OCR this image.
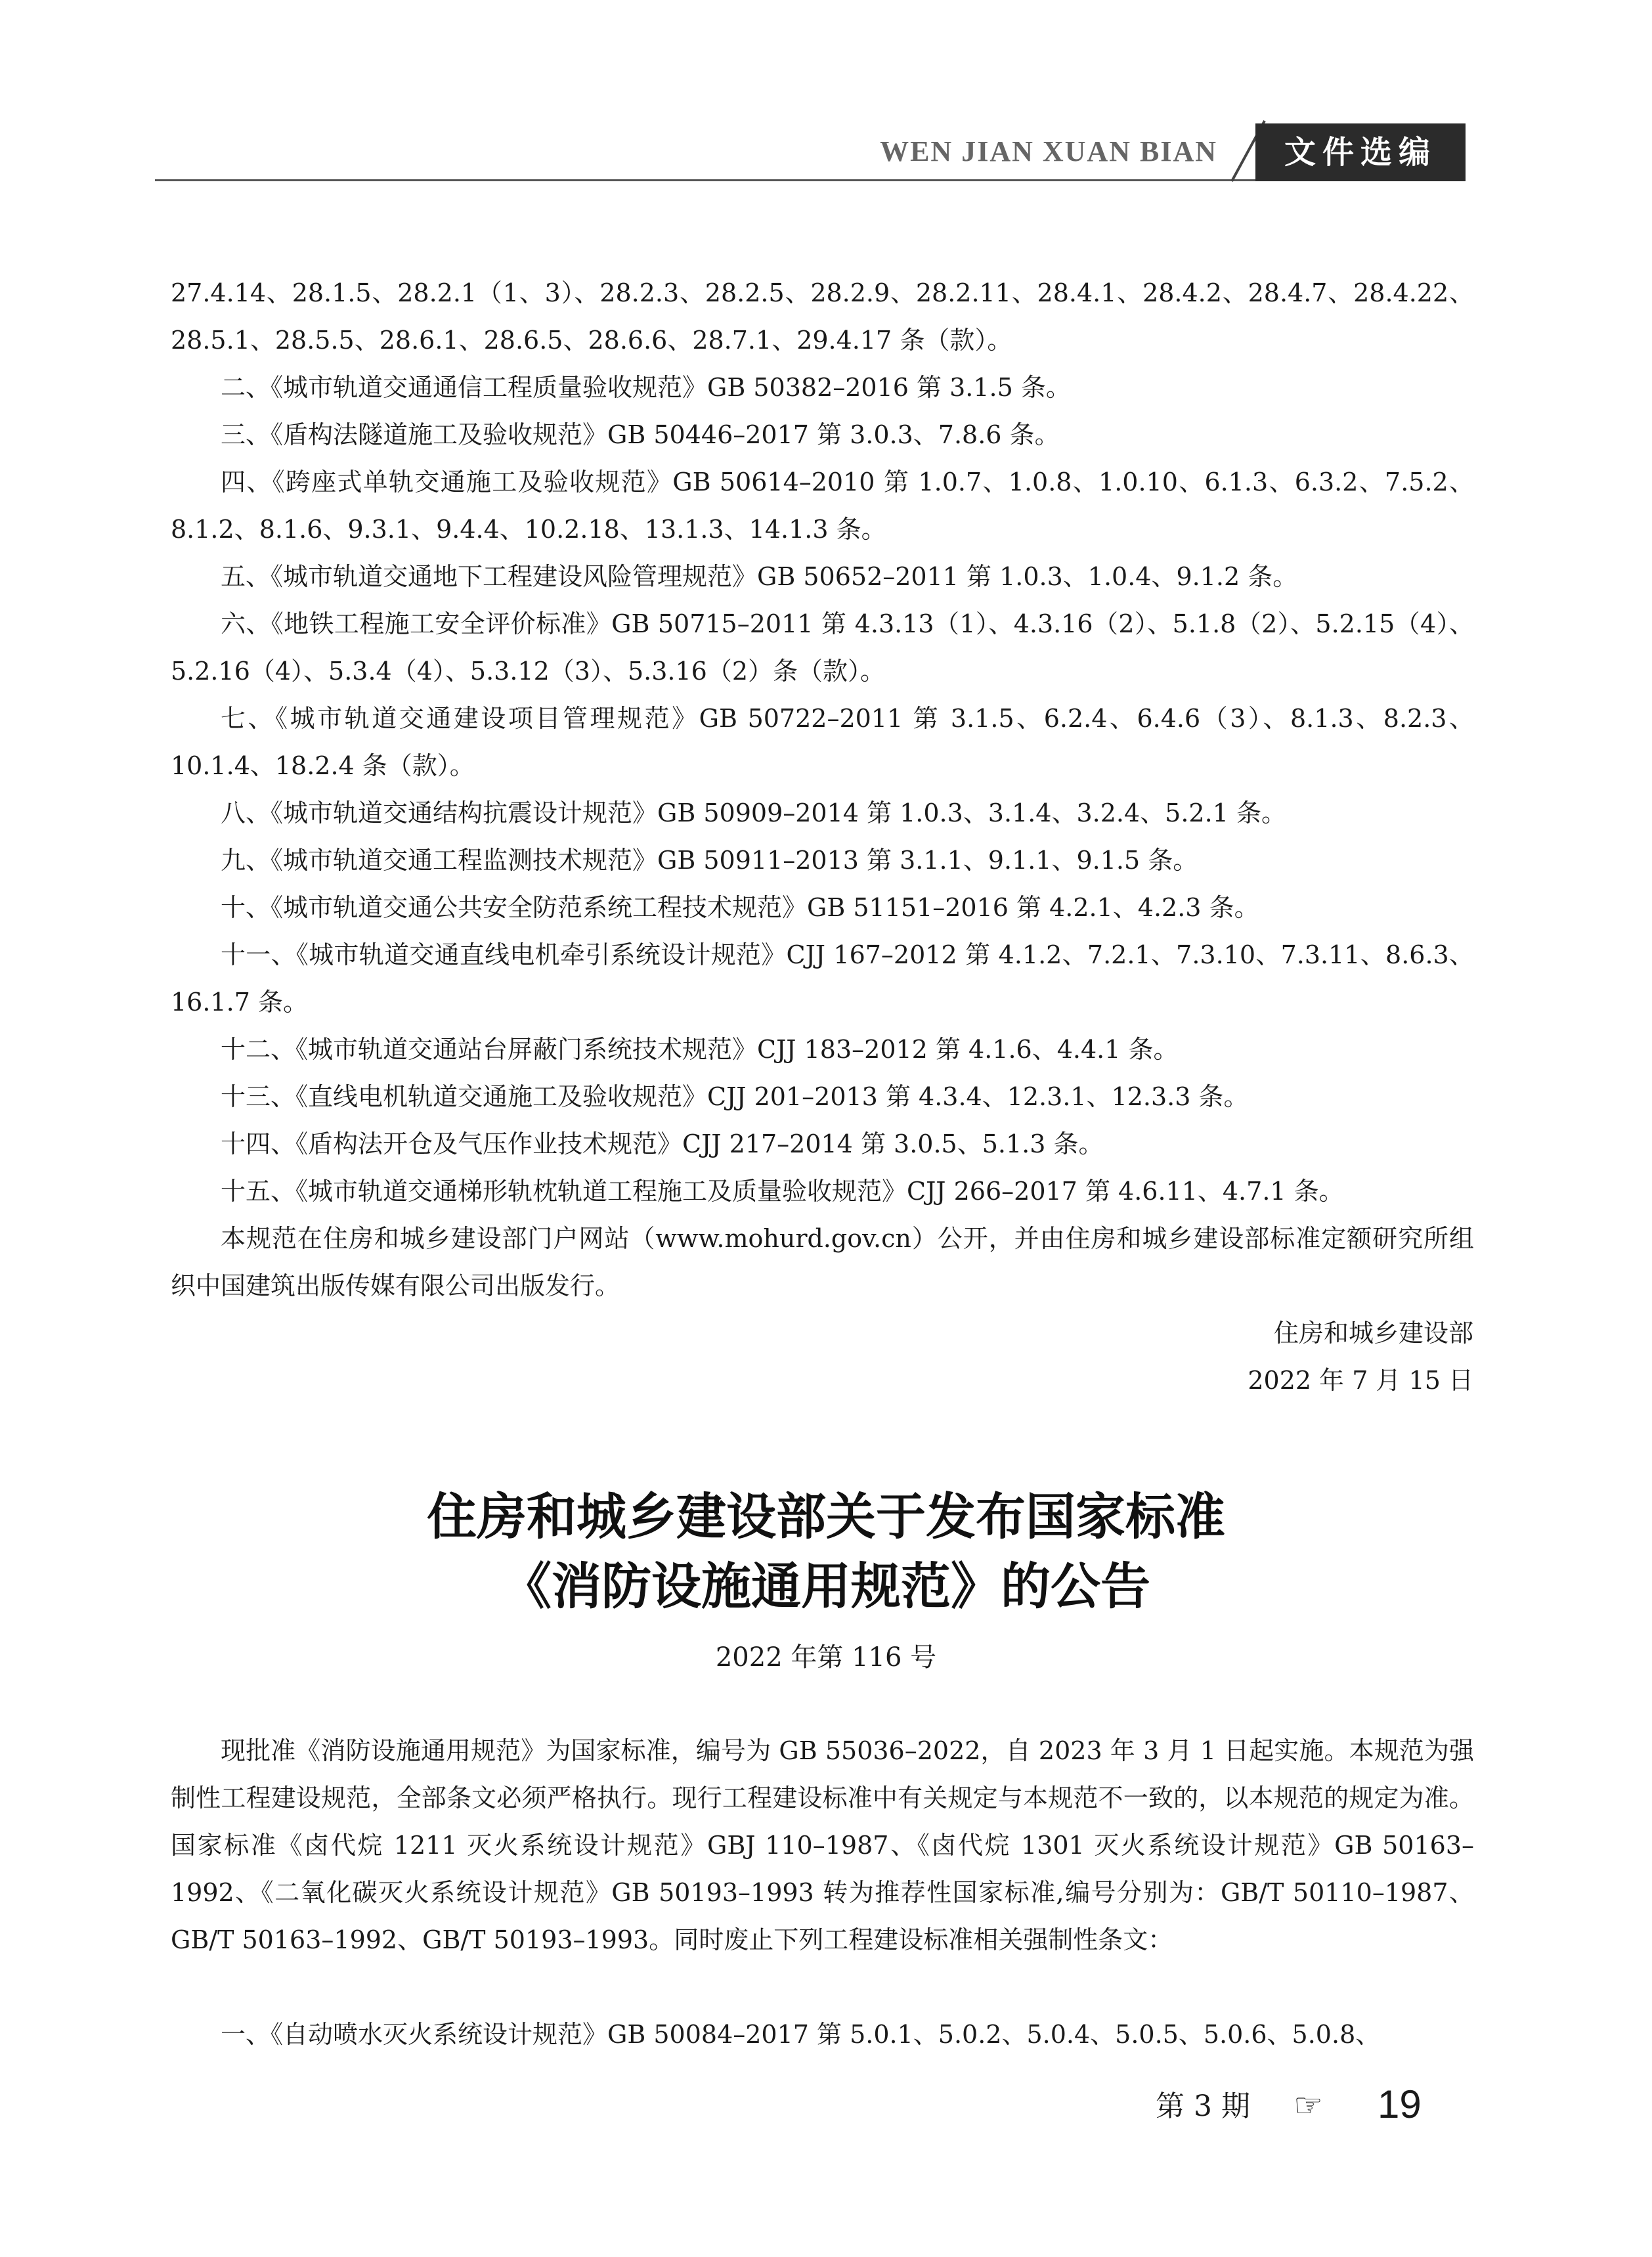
WEN JIAN XUAN BIAN	文件选编

27.4.14、28.1.5、28.2.1（1、3）、28.2.3、28.2.5、28.2.9、28.2.11、28.4.1、28.4.2、28.4.7、28.4.22、28.5.1、28.5.5、28.6.1、28.6.5、28.6.6、28.7.1、29.4.17 条（款）。

二、《城市轨道交通通信工程质量验收规范》GB 50382–2016 第 3.1.5 条。

三、《盾构法隧道施工及验收规范》GB 50446–2017 第 3.0.3、7.8.6 条。

四、《跨座式单轨交通施工及验收规范》GB 50614–2010 第 1.0.7、1.0.8、1.0.10、6.1.3、6.3.2、7.5.2、8.1.2、8.1.6、9.3.1、9.4.4、10.2.18、13.1.3、14.1.3 条。

五、《城市轨道交通地下工程建设风险管理规范》GB 50652–2011 第 1.0.3、1.0.4、9.1.2 条。

六、《地铁工程施工安全评价标准》GB 50715–2011 第 4.3.13（1）、4.3.16（2）、5.1.8（2）、5.2.15（4）、5.2.16（4）、5.3.4（4）、5.3.12（3）、5.3.16（2）条（款）。

七、《城市轨道交通建设项目管理规范》GB 50722–2011 第 3.1.5、6.2.4、6.4.6（3）、8.1.3、8.2.3、10.1.4、18.2.4 条（款）。

八、《城市轨道交通结构抗震设计规范》GB 50909–2014 第 1.0.3、3.1.4、3.2.4、5.2.1 条。

九、《城市轨道交通工程监测技术规范》GB 50911–2013 第 3.1.1、9.1.1、9.1.5 条。

十、《城市轨道交通公共安全防范系统工程技术规范》GB 51151–2016 第 4.2.1、4.2.3 条。

十一、《城市轨道交通直线电机牵引系统设计规范》CJJ 167–2012 第 4.1.2、7.2.1、7.3.10、7.3.11、8.6.3、16.1.7 条。

十二、《城市轨道交通站台屏蔽门系统技术规范》CJJ 183–2012 第 4.1.6、4.4.1 条。

十三、《直线电机轨道交通施工及验收规范》CJJ 201–2013 第 4.3.4、12.3.1、12.3.3 条。

十四、《盾构法开仓及气压作业技术规范》CJJ 217–2014 第 3.0.5、5.1.3 条。

十五、《城市轨道交通梯形轨枕轨道工程施工及质量验收规范》CJJ 266–2017 第 4.6.11、4.7.1 条。

本规范在住房和城乡建设部门户网站（www.mohurd.gov.cn）公开，并由住房和城乡建设部标准定额研究所组织中国建筑出版传媒有限公司出版发行。

住房和城乡建设部
2022 年 7 月 15 日
住房和城乡建设部关于发布国家标准
《消防设施通用规范》的公告
2022 年第 116 号

现批准《消防设施通用规范》为国家标准，编号为 GB 55036–2022，自 2023 年 3 月 1 日起实施。本规范为强制性工程建设规范，全部条文必须严格执行。现行工程建设标准中有关规定与本规范不一致的，以本规范的规定为准。国家标准《卤代烷 1211 灭火系统设计规范》GBJ 110–1987、《卤代烷 1301 灭火系统设计规范》GB 50163–1992、《二氧化碳灭火系统设计规范》GB 50193–1993 转为推荐性国家标准,编号分别为：GB/T 50110–1987、GB/T 50163–1992、GB/T 50193–1993。同时废止下列工程建设标准相关强制性条文：

一、《自动喷水灭火系统设计规范》GB 50084–2017 第 5.0.1、5.0.2、5.0.4、5.0.5、5.0.6、5.0.8、

第 3 期 ☞ 19
